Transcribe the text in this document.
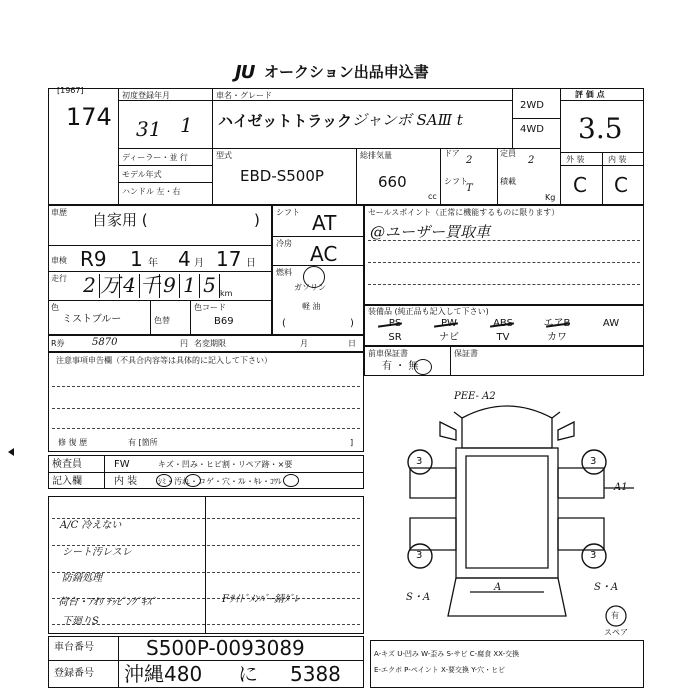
JU オークション出品申込書
[1967]
174
初度登録年月
31 1
車名・グレード
ハイゼットトラック ジャンボ SAⅢ t
2WD
4WD
ディーラー・並 行
モデル年式
ハンドル 左・右
型式
EBD-S500P
総排気量
660
cc
ドア
2
シフト
T
定員
2
積載
Kg
評 価 点
3.5
外 装	内 装
C C
車歴 自家用 (	)
車検 R9 1 年 4 月 17 日
走行 2 万 4 千 9 1 5 km
色
ミストブルー	色替
色コード
B69
シフト AT
冷房 AC
燃料
ガソリン
軽 油
(	)
セールスポイント（正常に機能するものに限ります）
@ユーザー買取車
装備品 (純正品も記入して下さい)
PS	PW	ABS	エアB	AW
SR	ナビ	TV	カワ
R券	5870	円 名変期限	月	日
注意事項申告欄（不具合内容等は具体的に記入して下さい）
修 復 歴	有 [箇所	]
前車保証書
有 ・ 無
保証書
検査員	FW	キズ・凹み・ヒビ割・リペア跡・×要
記入欄	内 装	ｼﾐ・汚れ・コゲ・穴・ｽﾚ・ｷﾚ・ｺﾜﾚ
A/C 冷えない
シート汚レスレ
防錆処理
荷台・ｱｵﾘ ﾁｯﾋﾟﾝｸﾞｷｽﾞ
下廻りS
Fｻｲﾄﾞﾒﾝﾊﾞｰ錆ﾀﾞﾚ
車台番号	S500P-0093089
登録番号 沖縄480 に 5388
PEE- A2
A1
S・A
S・A
A
3	3
3	3
有
スペア
A-キズ U-凹み W-歪み S-サビ C-腐食 XX-交換
E-エクボ P-ペイント X-要交換 Y-穴・ヒビ
